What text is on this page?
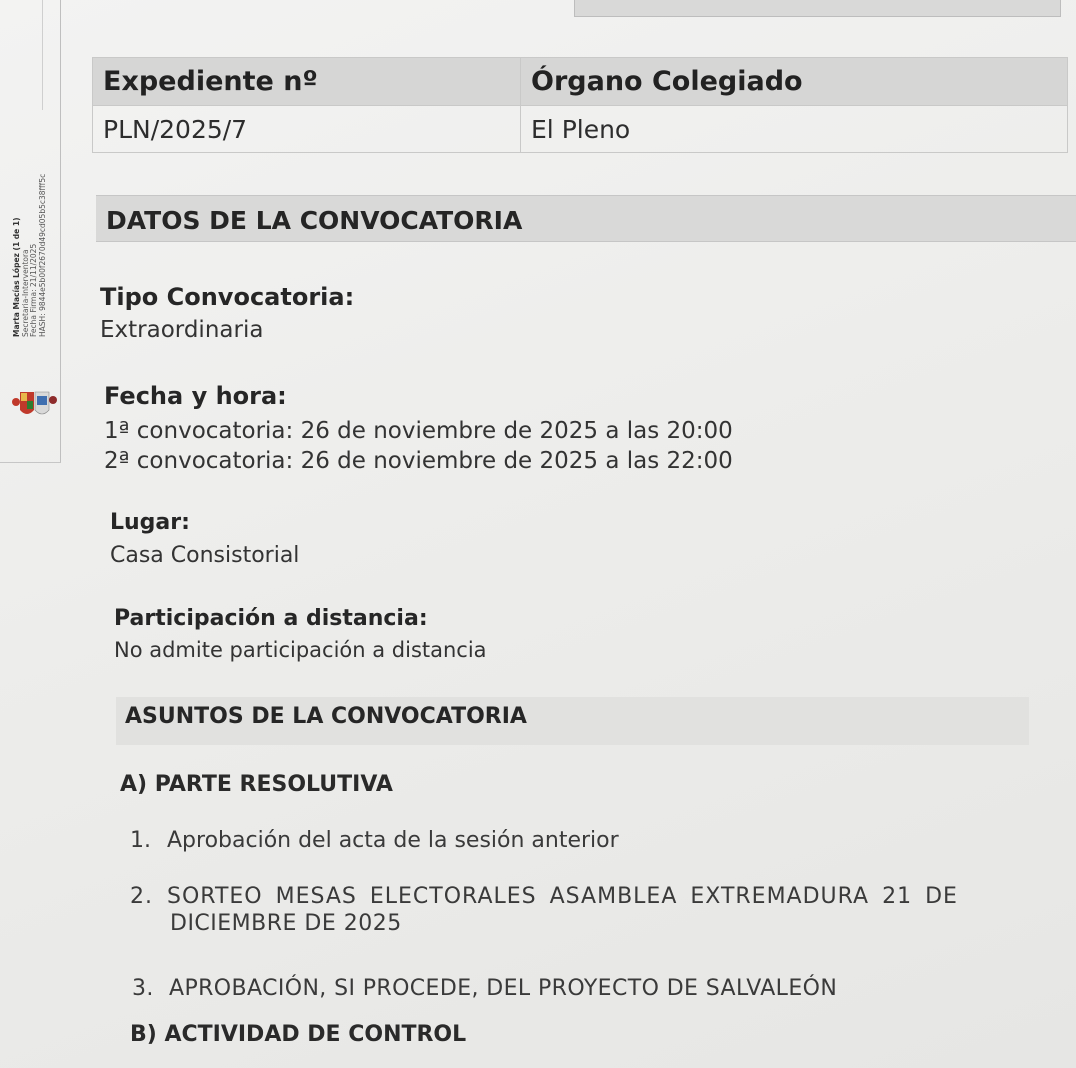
Marta Macías López (1 de 1) Secretaria-Interventora Fecha Firma: 21/11/2025 HASH: 9844e5b00f2670d49cd05b5c38fff5c
Expediente nº	Órgano Colegiado
PLN/2025/7	El Pleno
DATOS DE LA CONVOCATORIA

Tipo Convocatoria:

Extraordinaria

Fecha y hora:

1ª convocatoria: 26 de noviembre de 2025 a las 20:00

2ª convocatoria: 26 de noviembre de 2025 a las 22:00

Lugar:

Casa Consistorial

Participación a distancia:

No admite participación a distancia

ASUNTOS DE LA CONVOCATORIA
A) PARTE RESOLUTIVA
1. Aprobación del acta de la sesión anterior
2. SORTEO MESAS ELECTORALES ASAMBLEA EXTREMADURA 21 DE
DICIEMBRE DE 2025
3. APROBACIÓN, SI PROCEDE, DEL PROYECTO DE SALVALEÓN
B) ACTIVIDAD DE CONTROL
